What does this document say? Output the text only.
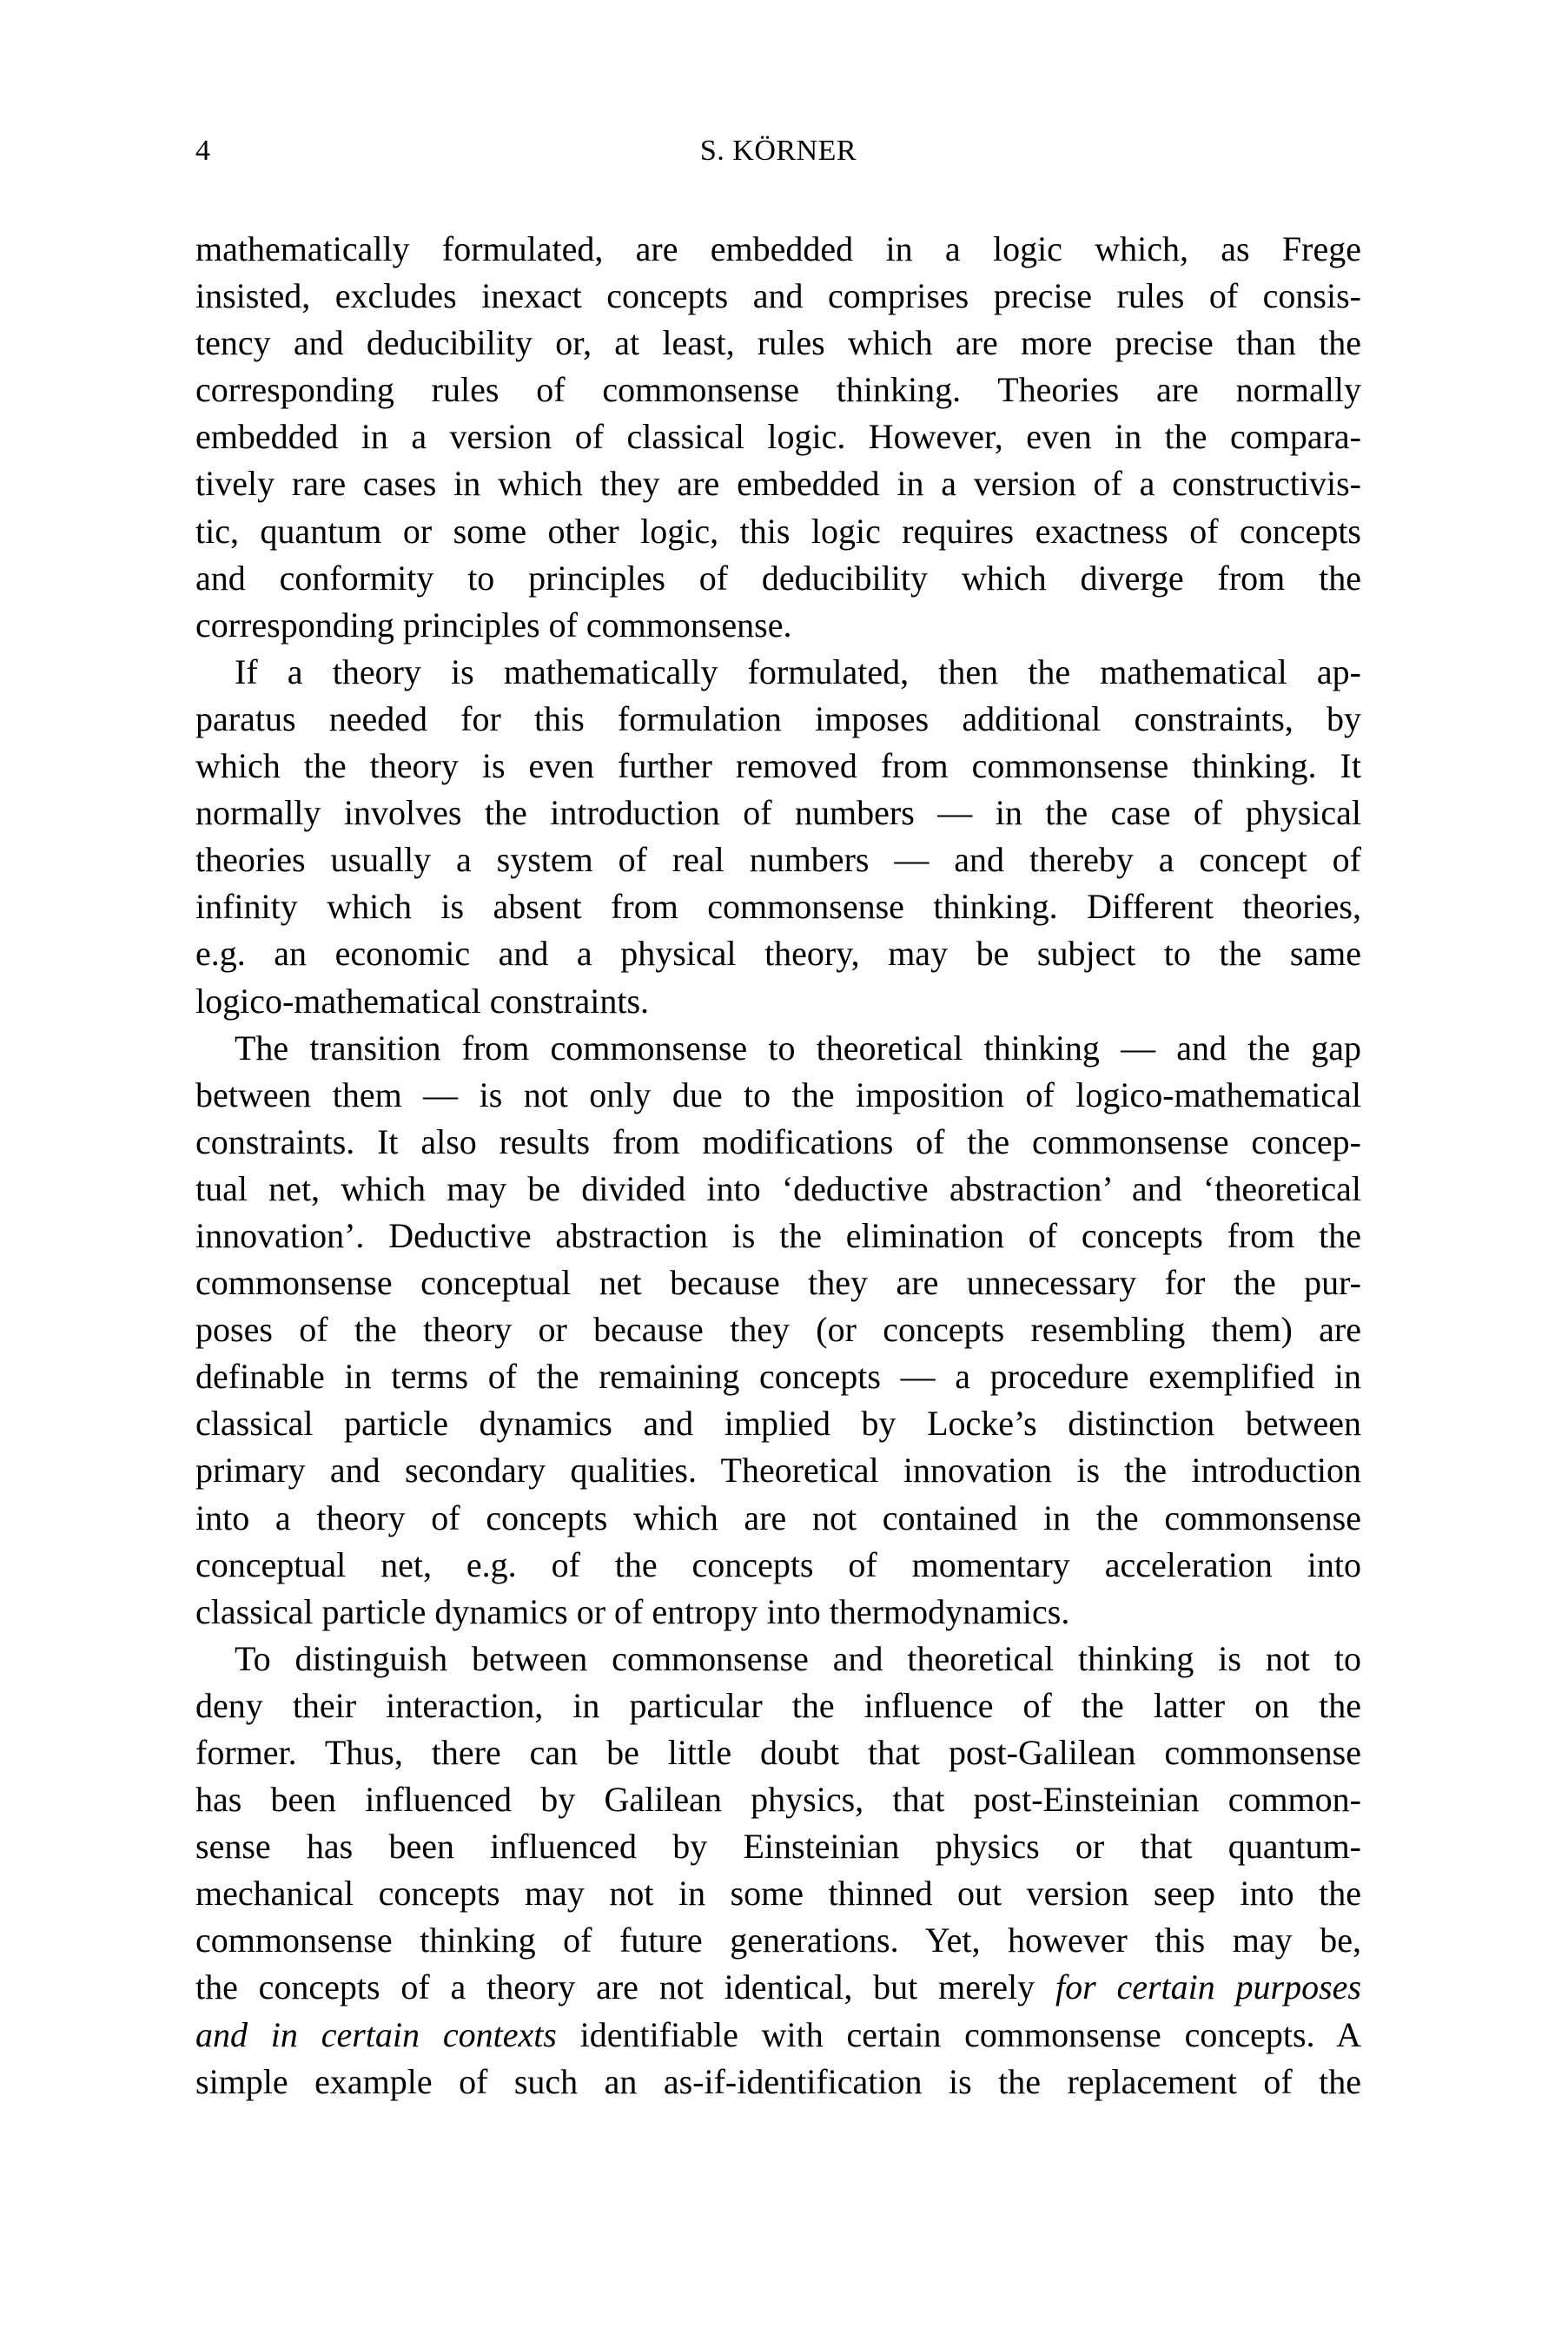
4	S. KÖRNER
mathematically formulated, are embedded in a logic which, as Frege
insisted, excludes inexact concepts and comprises precise rules of consis-
tency and deducibility or, at least, rules which are more precise than the
corresponding rules of commonsense thinking. Theories are normally
embedded in a version of classical logic. However, even in the compara-
tively rare cases in which they are embedded in a version of a constructivis-
tic, quantum or some other logic, this logic requires exactness of concepts
and conformity to principles of deducibility which diverge from the
corresponding principles of commonsense.
If a theory is mathematically formulated, then the mathematical ap-
paratus needed for this formulation imposes additional constraints, by
which the theory is even further removed from commonsense thinking. It
normally involves the introduction of numbers — in the case of physical
theories usually a system of real numbers — and thereby a concept of
infinity which is absent from commonsense thinking. Different theories,
e.g. an economic and a physical theory, may be subject to the same
logico-mathematical constraints.
The transition from commonsense to theoretical thinking — and the gap
between them — is not only due to the imposition of logico-mathematical
constraints. It also results from modifications of the commonsense concep-
tual net, which may be divided into ‘deductive abstraction’ and ‘theoretical
innovation’. Deductive abstraction is the elimination of concepts from the
commonsense conceptual net because they are unnecessary for the pur-
poses of the theory or because they (or concepts resembling them) are
definable in terms of the remaining concepts — a procedure exemplified in
classical particle dynamics and implied by Locke’s distinction between
primary and secondary qualities. Theoretical innovation is the introduction
into a theory of concepts which are not contained in the commonsense
conceptual net, e.g. of the concepts of momentary acceleration into
classical particle dynamics or of entropy into thermodynamics.
To distinguish between commonsense and theoretical thinking is not to
deny their interaction, in particular the influence of the latter on the
former. Thus, there can be little doubt that post-Galilean commonsense
has been influenced by Galilean physics, that post-Einsteinian common-
sense has been influenced by Einsteinian physics or that quantum-
mechanical concepts may not in some thinned out version seep into the
commonsense thinking of future generations. Yet, however this may be,
the concepts of a theory are not identical, but merely for certain purposes
and in certain contexts identifiable with certain commonsense concepts. A
simple example of such an as-if-identification is the replacement of the
